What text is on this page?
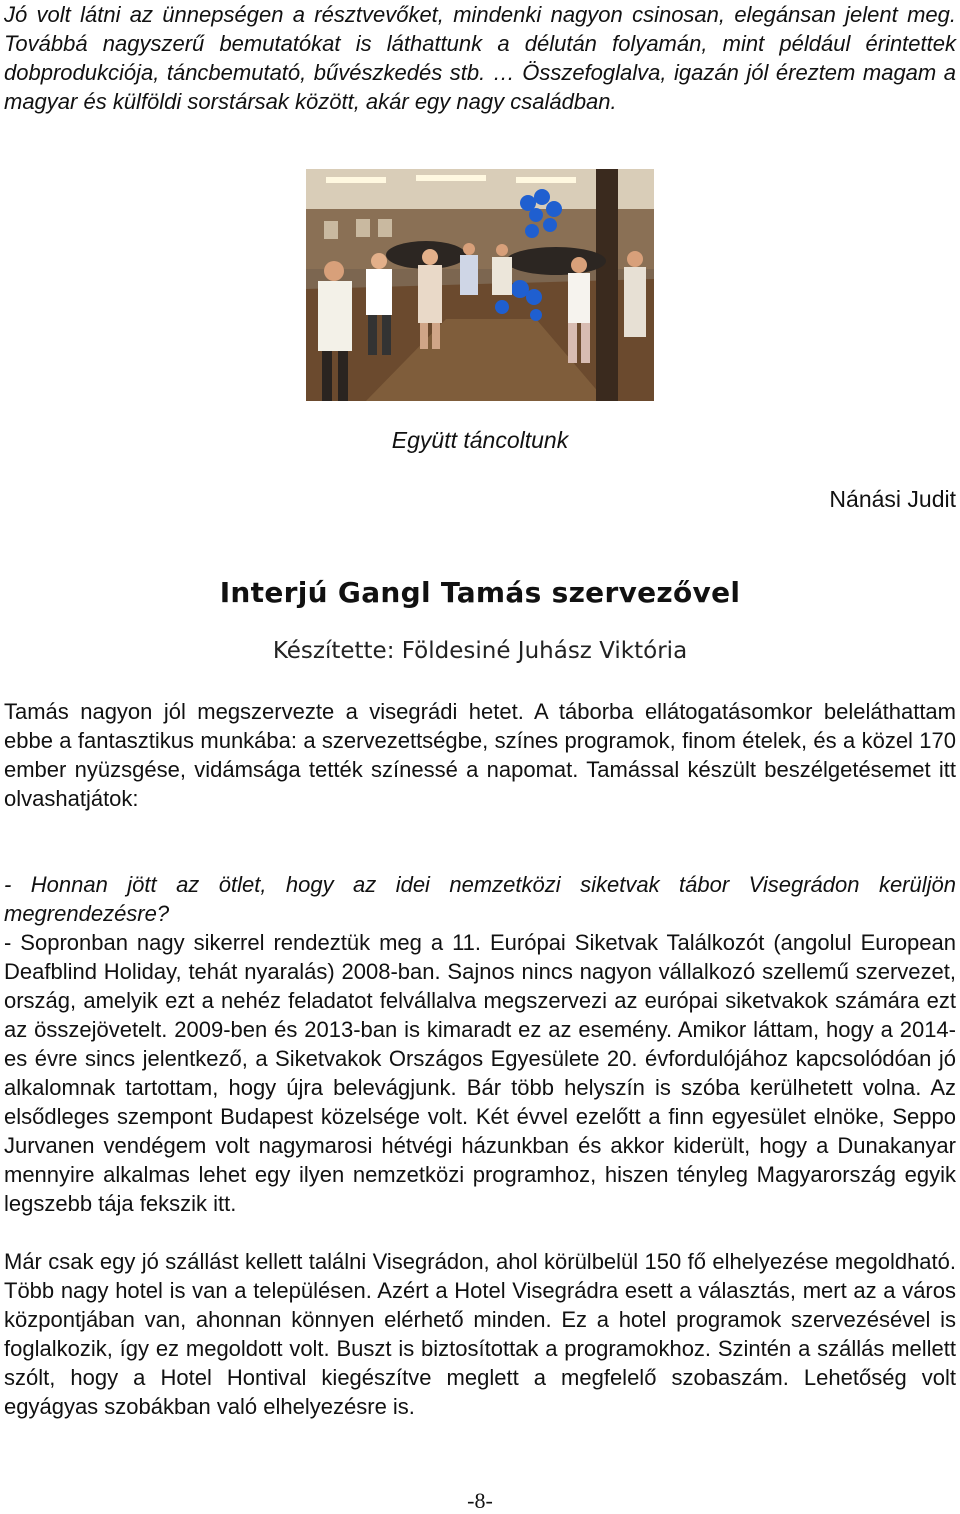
Jó volt látni az ünnepségen a résztvevőket, mindenki nagyon csinosan, elegánsan jelent meg. Továbbá nagyszerű bemutatókat is láthattunk a délután folyamán, mint például érintettek dobprodukciója, táncbemutató, bűvészkedés stb. … Összefoglalva, igazán jól éreztem magam a magyar és külföldi sorstársak között, akár egy nagy családban.

Együtt táncoltunk
Nánási Judit
Interjú Gangl Tamás szervezővel
Készítette: Földesiné Juhász Viktória

Tamás nagyon jól megszervezte a visegrádi hetet. A táborba ellátogatásomkor beleláthattam ebbe a fantasztikus munkába: a szervezettségbe, színes programok, finom ételek, és a közel 170 ember nyüzsgése, vidámsága tették színessé a napomat. Tamással készült beszélgetésemet itt olvashatjátok:

- Honnan jött az ötlet, hogy az idei nemzetközi siketvak tábor Visegrádon kerüljön megrendezésre?

- Sopronban nagy sikerrel rendeztük meg a 11. Európai Siketvak Találkozót (angolul European Deafblind Holiday, tehát nyaralás) 2008-ban. Sajnos nincs nagyon vállalkozó szellemű szervezet, ország, amelyik ezt a nehéz feladatot felvállalva megszervezi az európai siketvakok számára ezt az összejövetelt. 2009-ben és 2013-ban is kimaradt ez az esemény. Amikor láttam, hogy a 2014-es évre sincs jelentkező, a Siketvakok Országos Egyesülete 20. évfordulójához kapcsolódóan jó alkalomnak tartottam, hogy újra belevágjunk. Bár több helyszín is szóba kerülhetett volna. Az elsődleges szempont Budapest közelsége volt. Két évvel ezelőtt a finn egyesület elnöke, Seppo Jurvanen vendégem volt nagymarosi hétvégi házunkban és akkor kiderült, hogy a Dunakanyar mennyire alkalmas lehet egy ilyen nemzetközi programhoz, hiszen tényleg Magyarország egyik legszebb tája fekszik itt.

Már csak egy jó szállást kellett találni Visegrádon, ahol körülbelül 150 fő elhelyezése megoldható. Több nagy hotel is van a településen. Azért a Hotel Visegrádra esett a választás, mert az a város központjában van, ahonnan könnyen elérhető minden. Ez a hotel programok szervezésével is foglalkozik, így ez megoldott volt. Buszt is biztosítottak a programokhoz. Szintén a szállás mellett szólt, hogy a Hotel Hontival kiegészítve meglett a megfelelő szobaszám. Lehetőség volt egyágyas szobákban való elhelyezésre is.

-8-
